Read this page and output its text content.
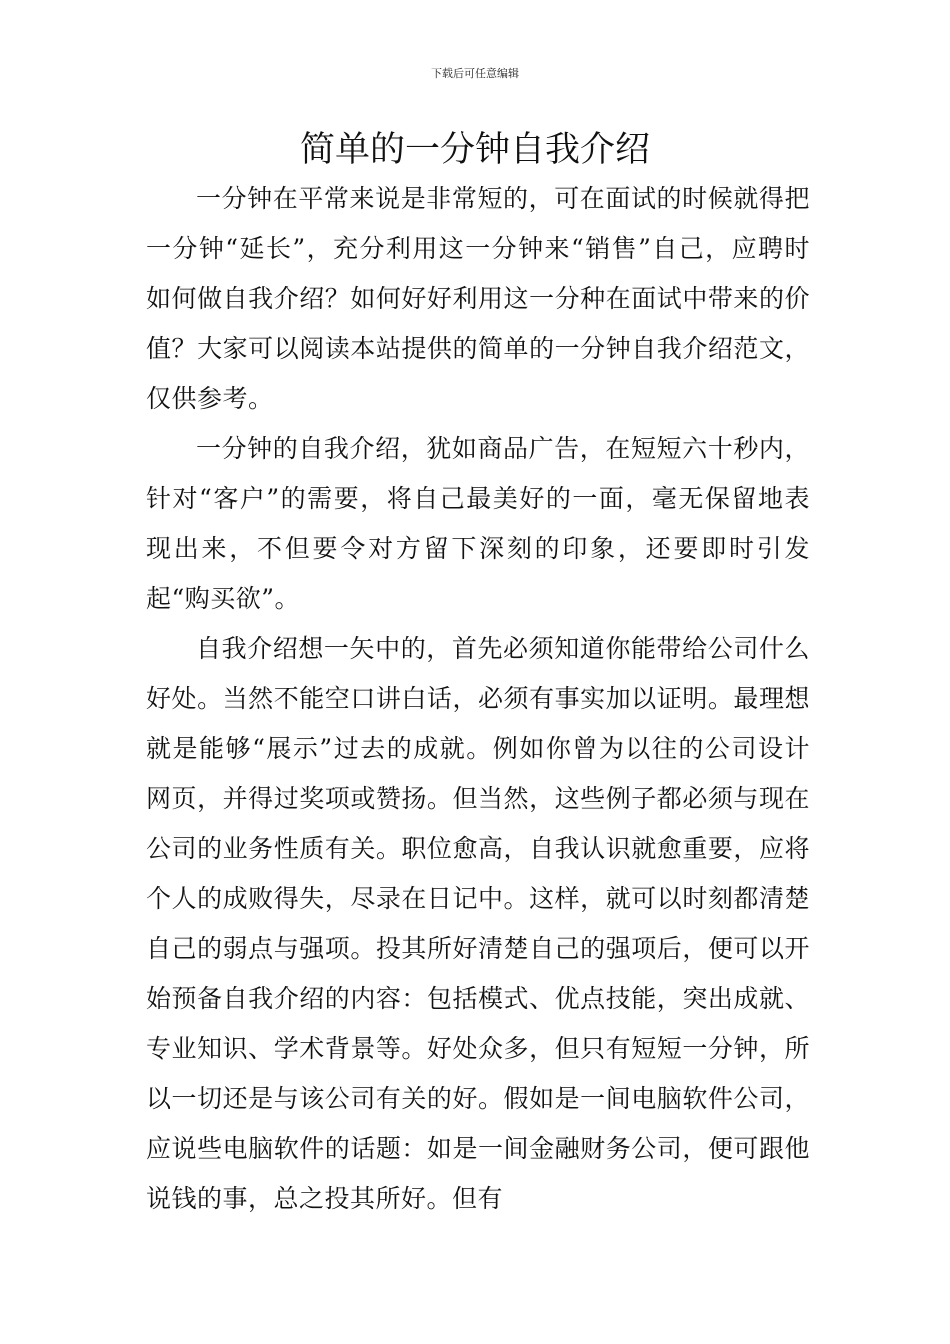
下载后可任意编辑
简单的一分钟自我介绍

一分钟在平常来说是非常短的，可在面试的时候就得把一分钟“延长”，充分利用这一分钟来“销售”自己，应聘时如何做自我介绍？如何好好利用这一分种在面试中带来的价值？大家可以阅读本站提供的简单的一分钟自我介绍范文，仅供参考。

一分钟的自我介绍，犹如商品广告，在短短六十秒内，针对“客户”的需要，将自己最美好的一面，毫无保留地表现出来，不但要令对方留下深刻的印象，还要即时引发起“购买欲”。

自我介绍想一矢中的，首先必须知道你能带给公司什么好处。当然不能空口讲白话，必须有事实加以证明。最理想就是能够“展示”过去的成就。例如你曾为以往的公司设计网页，并得过奖项或赞扬。但当然，这些例子都必须与现在公司的业务性质有关。职位愈高，自我认识就愈重要，应将个人的成败得失，尽录在日记中。这样，就可以时刻都清楚自己的弱点与强项。投其所好清楚自己的强项后，便可以开始预备自我介绍的内容：包括模式、优点技能，突出成就、专业知识、学术背景等。好处众多，但只有短短一分钟，所以一切还是与该公司有关的好。假如是一间电脑软件公司，应说些电脑软件的话题：如是一间金融财务公司，便可跟他说钱的事，总之投其所好。但有
